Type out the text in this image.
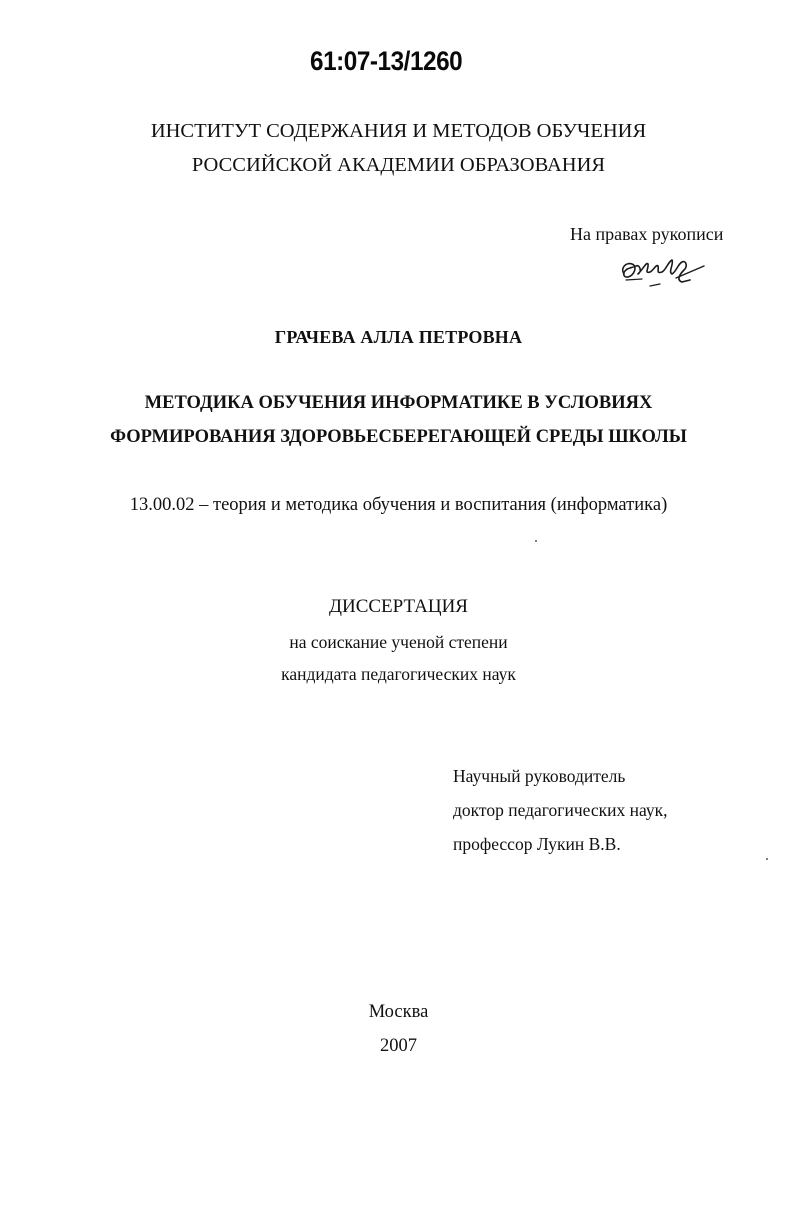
61:07-13/1260
ИНСТИТУТ СОДЕРЖАНИЯ И МЕТОДОВ ОБУЧЕНИЯ
РОССИЙСКОЙ АКАДЕМИИ ОБРАЗОВАНИЯ
На правах рукописи
ГРАЧЕВА АЛЛА ПЕТРОВНА
МЕТОДИКА ОБУЧЕНИЯ ИНФОРМАТИКЕ В УСЛОВИЯХ
ФОРМИРОВАНИЯ ЗДОРОВЬЕСБЕРЕГАЮЩЕЙ СРЕДЫ ШКОЛЫ
13.00.02 – теория и методика обучения и воспитания (информатика)
ДИССЕРТАЦИЯ
на соискание ученой степени
кандидата педагогических наук
Научный руководитель
доктор педагогических наук,
профессор Лукин В.В.
Москва
2007
